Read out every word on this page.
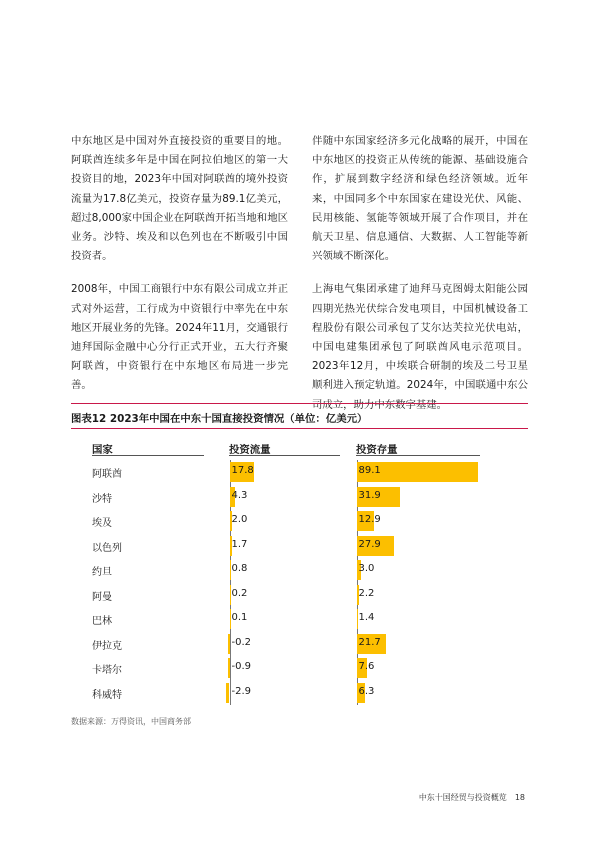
中东地区是中国对外直接投资的重要目的地。阿联酋连续多年是中国在阿拉伯地区的第一大投资目的地，2023年中国对阿联酋的境外投资流量为17.8亿美元，投资存量为89.1亿美元，超过8,000家中国企业在阿联酋开拓当地和地区业务。沙特、埃及和以色列也在不断吸引中国投资者。

2008年，中国工商银行中东有限公司成立并正式对外运营，工行成为中资银行中率先在中东地区开展业务的先锋。2024年11月，交通银行迪拜国际金融中心分行正式开业，五大行齐聚阿联酋，中资银行在中东地区布局进一步完善。

伴随中东国家经济多元化战略的展开，中国在中东地区的投资正从传统的能源、基础设施合作，扩展到数字经济和绿色经济领域。近年来，中国同多个中东国家在建设光伏、风能、民用核能、氢能等领域开展了合作项目，并在航天卫星、信息通信、大数据、人工智能等新兴领域不断深化。

上海电气集团承建了迪拜马克图姆太阳能公园四期光热光伏综合发电项目，中国机械设备工程股份有限公司承包了艾尔达芙拉光伏电站，中国电建集团承包了阿联酋风电示范项目。2023年12月，中埃联合研制的埃及二号卫星顺利进入预定轨道。2024年，中国联通中东公司成立，助力中东数字基建。

图表12 2023年中国在中东十国直接投资情况（单位：亿美元）
国家	投资流量	投资存量
阿联酋	17.8	89.1
沙特	4.3	31.9
埃及	2.0	12.9
以色列	1.7	27.9
约旦	0.8	3.0
阿曼	0.2	2.2
巴林	0.1	1.4
伊拉克	-0.2	21.7
卡塔尔	-0.9	7.6
科威特	-2.9	6.3
数据来源：万得资讯，中国商务部
中东十国经贸与投资概览 18
